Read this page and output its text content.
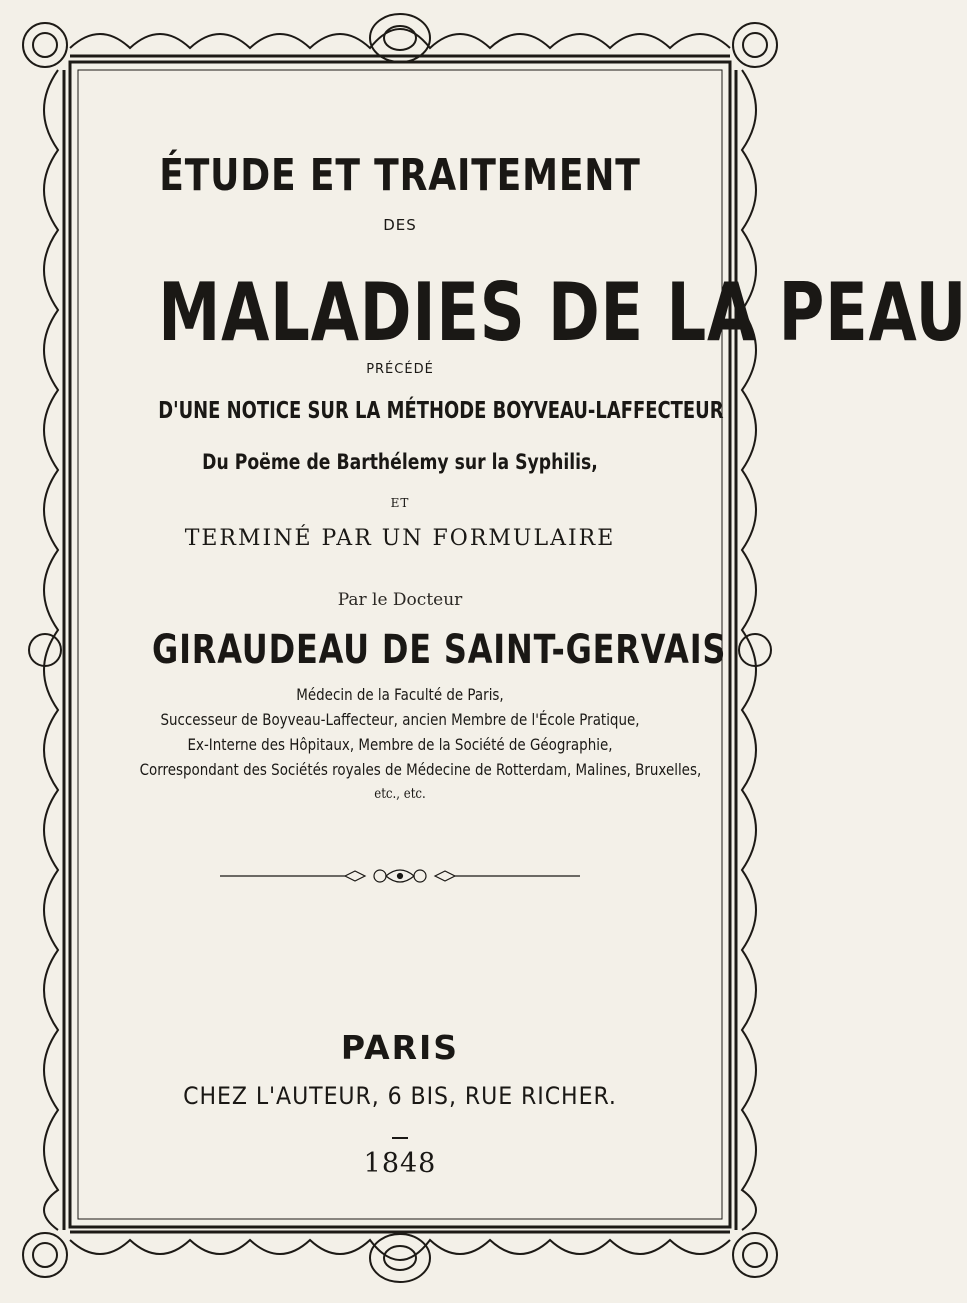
ÉTUDE ET TRAITEMENT
DES
MALADIES DE LA PEAU
PRÉCÉDÉ
D'UNE NOTICE SUR LA MÉTHODE BOYVEAU-LAFFECTEUR
Du Poëme de Barthélemy sur la Syphilis,
ET
TERMINÉ PAR UN FORMULAIRE
Par le Docteur
GIRAUDEAU DE SAINT-GERVAIS
Médecin de la Faculté de Paris,
Successeur de Boyveau-Laffecteur, ancien Membre de l'École Pratique,
Ex-Interne des Hôpitaux, Membre de la Société de Géographie,
Correspondant des Sociétés royales de Médecine de Rotterdam, Malines, Bruxelles,
etc., etc.
PARIS
CHEZ L'AUTEUR, 6 BIS, RUE RICHER.
1848
